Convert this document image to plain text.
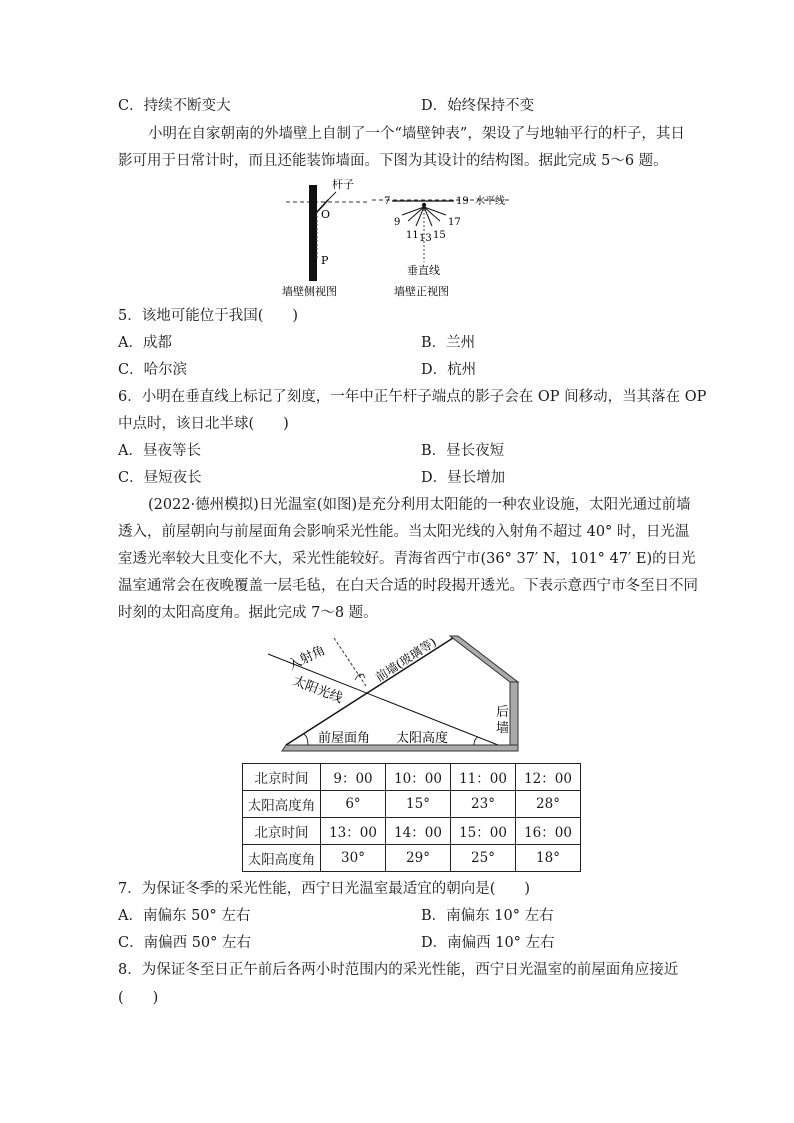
C．持续不断变大	D．始终保持不变
小明在自家朝南的外墙壁上自制了一个“墙壁钟表”，架设了与地轴平行的杆子，其日
影可用于日常计时，而且还能装饰墙面。下图为其设计的结构图。据此完成 5～6 题。
杆子
O
P
墙壁侧视图
7	19 水平线
9	17
11 13 15
垂直线
墙壁正视图
5．该地可能位于我国(　　)
A．成都	B．兰州
C．哈尔滨	D．杭州
6．小明在垂直线上标记了刻度，一年中正午杆子端点的影子会在 OP 间移动，当其落在 OP
中点时，该日北半球(　　)
A．昼夜等长	B．昼长夜短
C．昼短夜长	D．昼长增加
(2022·德州模拟)日光温室(如图)是充分利用太阳能的一种农业设施，太阳光通过前墙
透入，前屋朝向与前屋面角会影响采光性能。当太阳光线的入射角不超过 40° 时，日光温
室透光率较大且变化不大，采光性能较好。青海省西宁市(36° 37′ N，101° 47′ E)的日光
温室通常会在夜晚覆盖一层毛毡，在白天合适的时段揭开透光。下表示意西宁市冬至日不同
时刻的太阳高度角。据此完成 7～8 题。
入射角
太阳光线
前墙(玻璃等)
后
墙
前屋面角 太阳高度
北京时间	9：00	10：00	11：00	12：00
太阳高度角	6°	15°	23°	28°
北京时间	13：00	14：00	15：00	16：00
太阳高度角	30°	29°	25°	18°
7．为保证冬季的采光性能，西宁日光温室最适宜的朝向是(　　)
A．南偏东 50° 左右	B．南偏东 10° 左右
C．南偏西 50° 左右	D．南偏西 10° 左右
8．为保证冬至日正午前后各两小时范围内的采光性能，西宁日光温室的前屋面角应接近
(　　)
